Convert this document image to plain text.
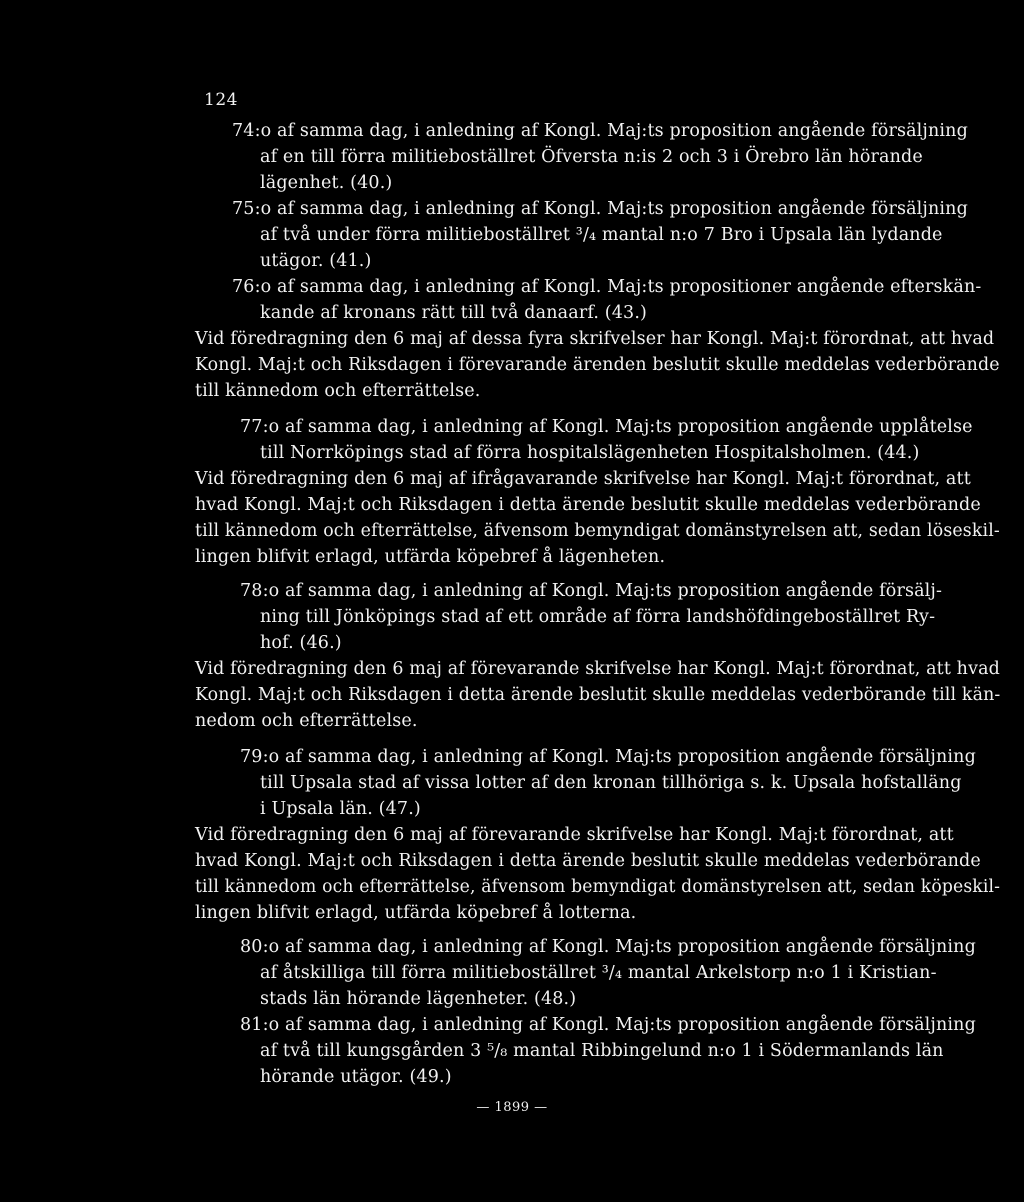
124
74:o af samma dag, i anledning af Kongl. Maj:ts proposition angående försäljning
af en till förra militieboställret Öfversta n:is 2 och 3 i Örebro län hörande
lägenhet. (40.)
75:o af samma dag, i anledning af Kongl. Maj:ts proposition angående försäljning
af två under förra militieboställret ³/₄ mantal n:o 7 Bro i Upsala län lydande
utägor. (41.)
76:o af samma dag, i anledning af Kongl. Maj:ts propositioner angående efterskän-
kande af kronans rätt till två danaarf. (43.)
Vid föredragning den 6 maj af dessa fyra skrifvelser har Kongl. Maj:t förordnat, att hvad
Kongl. Maj:t och Riksdagen i förevarande ärenden beslutit skulle meddelas vederbörande
till kännedom och efterrättelse.
77:o af samma dag, i anledning af Kongl. Maj:ts proposition angående upplåtelse
till Norrköpings stad af förra hospitalslägenheten Hospitalsholmen. (44.)
Vid föredragning den 6 maj af ifrågavarande skrifvelse har Kongl. Maj:t förordnat, att
hvad Kongl. Maj:t och Riksdagen i detta ärende beslutit skulle meddelas vederbörande
till kännedom och efterrättelse, äfvensom bemyndigat domänstyrelsen att, sedan löseskil-
lingen blifvit erlagd, utfärda köpebref å lägenheten.
78:o af samma dag, i anledning af Kongl. Maj:ts proposition angående försälj-
ning till Jönköpings stad af ett område af förra landshöfdingeboställret Ry-
hof. (46.)
Vid föredragning den 6 maj af förevarande skrifvelse har Kongl. Maj:t förordnat, att hvad
Kongl. Maj:t och Riksdagen i detta ärende beslutit skulle meddelas vederbörande till kän-
nedom och efterrättelse.
79:o af samma dag, i anledning af Kongl. Maj:ts proposition angående försäljning
till Upsala stad af vissa lotter af den kronan tillhöriga s. k. Upsala hofstalläng
i Upsala län. (47.)
Vid föredragning den 6 maj af förevarande skrifvelse har Kongl. Maj:t förordnat, att
hvad Kongl. Maj:t och Riksdagen i detta ärende beslutit skulle meddelas vederbörande
till kännedom och efterrättelse, äfvensom bemyndigat domänstyrelsen att, sedan köpeskil-
lingen blifvit erlagd, utfärda köpebref å lotterna.
80:o af samma dag, i anledning af Kongl. Maj:ts proposition angående försäljning
af åtskilliga till förra militieboställret ³/₄ mantal Arkelstorp n:o 1 i Kristian-
stads län hörande lägenheter. (48.)
81:o af samma dag, i anledning af Kongl. Maj:ts proposition angående försäljning
af två till kungsgården 3 ⁵/₈ mantal Ribbingelund n:o 1 i Södermanlands län
hörande utägor. (49.)
— 1899 —
